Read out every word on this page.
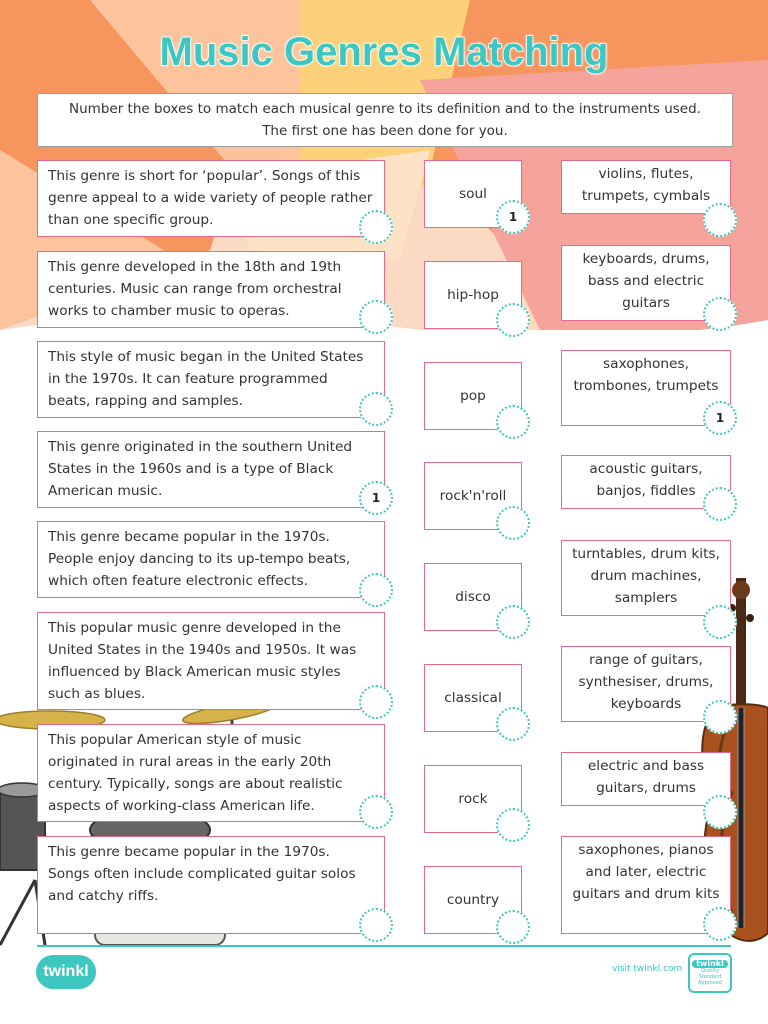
Music Genres Matching
Number the boxes to match each musical genre to its definition and to the instruments used. The first one has been done for you.
This genre is short for ‘popular’. Songs of this genre appeal to a wide variety of people rather than one specific group.
This genre developed in the 18th and 19th centuries. Music can range from orchestral works to chamber music to operas.
This style of music began in the United States in the 1970s. It can feature programmed beats, rapping and samples.
This genre originated in the southern United States in the 1960s and is a type of Black American music.
This genre became popular in the 1970s. People enjoy dancing to its up-tempo beats, which often feature electronic effects.
This popular music genre developed in the United States in the 1940s and 1950s. It was influenced by Black American music styles such as blues.
This popular American style of music originated in rural areas in the early 20th century. Typically, songs are about realistic aspects of working-class American life.
This genre became popular in the 1970s. Songs often include complicated guitar solos and catchy riffs.
1
soul
hip-hop
pop
rock'n'roll
disco
classical
rock
country
1
violins, flutes, trumpets, cymbals
keyboards, drums, bass and electric guitars
saxophones, trombones, trumpets
acoustic guitars, banjos, fiddles
turntables, drum kits, drum machines, samplers
range of guitars, synthesiser, drums, keyboards
electric and bass guitars, drums
saxophones, pianos and later, electric guitars and drum kits
1
twinkl	visit twinkl.com
twinkl
Quality Standard Approved
